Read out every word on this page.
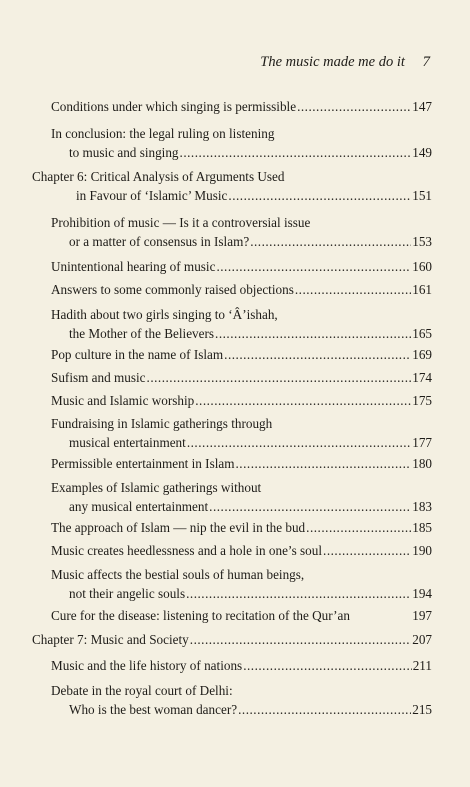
The music made me do it 7
Conditions under which singing is permissible .....	147
In conclusion: the legal ruling on listening
to music and singing .....	149
Chapter 6: Critical Analysis of Arguments Used
in Favour of ‘Islamic’ Music .....	151
Prohibition of music — Is it a controversial issue
or a matter of consensus in Islam? .....	153
Unintentional hearing of music .....	160
Answers to some commonly raised objections .....	161
Hadith about two girls singing to ‘Â’ishah,
the Mother of the Believers .....	165
Pop culture in the name of Islam .....	169
Sufism and music .....	174
Music and Islamic worship .....	175
Fundraising in Islamic gatherings through
musical entertainment .....	177
Permissible entertainment in Islam .....	180
Examples of Islamic gatherings without
any musical entertainment .....	183
The approach of Islam — nip the evil in the bud .....	185
Music creates heedlessness and a hole in one’s soul .....	190
Music affects the bestial souls of human beings,
not their angelic souls .....	194
Cure for the disease: listening to recitation of the Qur’an	197
Chapter 7: Music and Society .....	207
Music and the life history of nations .....	211
Debate in the royal court of Delhi:
Who is the best woman dancer? .....	215
